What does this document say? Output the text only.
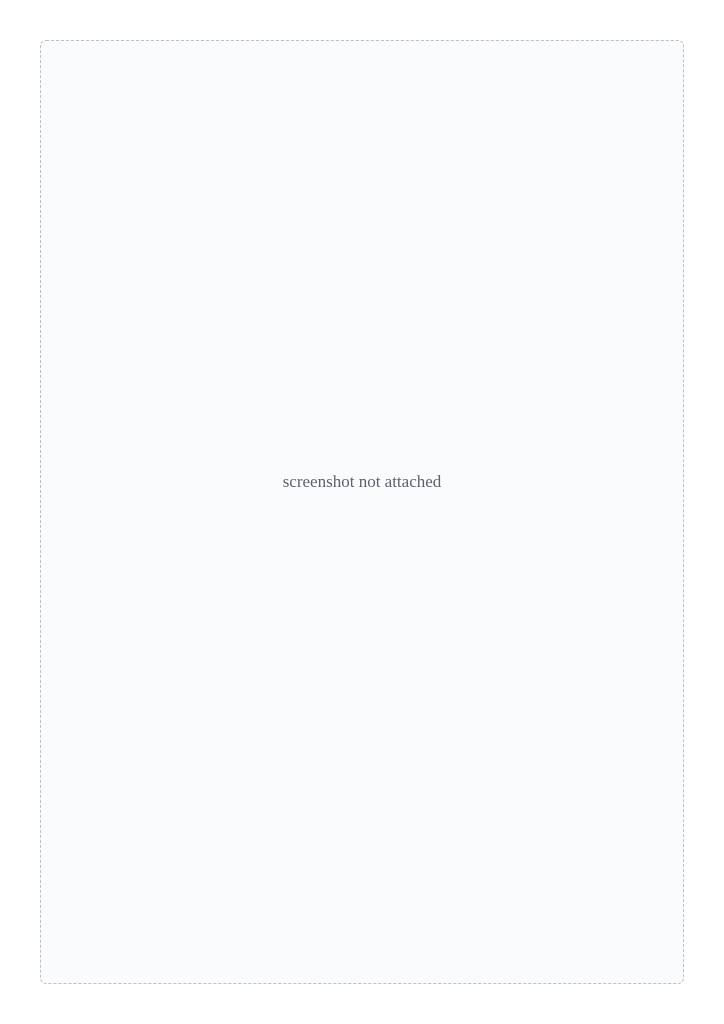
screenshot not attached
